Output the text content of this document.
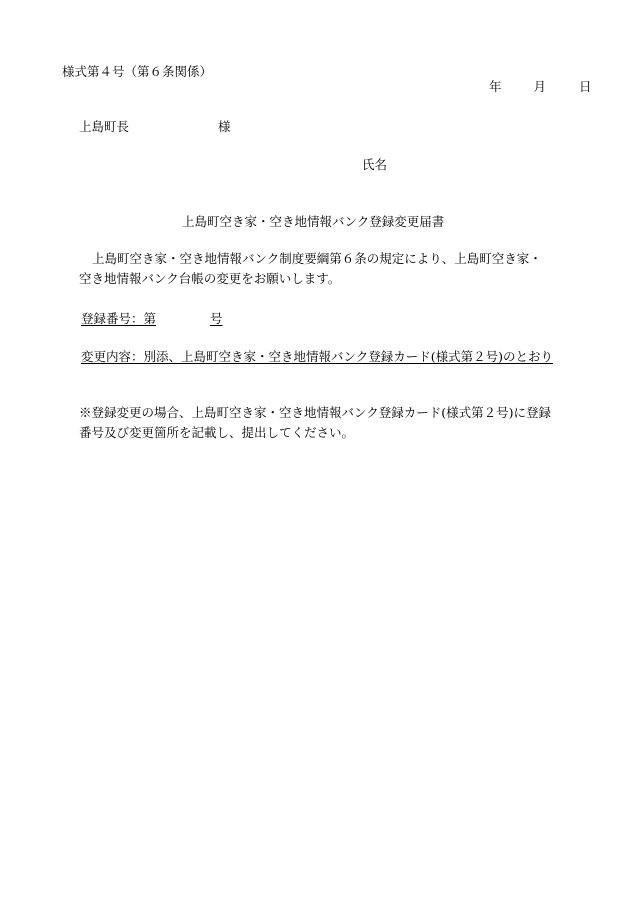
様式第４号（第６条関係）
年	月	日
上島町長	様
氏名
上島町空き家・空き地情報バンク登録変更届書
上島町空き家・空き地情報バンク制度要綱第６条の規定により、上島町空き家・
空き地情報バンク台帳の変更をお願いします。
登録番号：第	号
変更内容：別添、上島町空き家・空き地情報バンク登録カード(様式第２号)のとおり
※登録変更の場合、上島町空き家・空き地情報バンク登録カード(様式第２号)に登録
番号及び変更箇所を記載し、提出してください。
